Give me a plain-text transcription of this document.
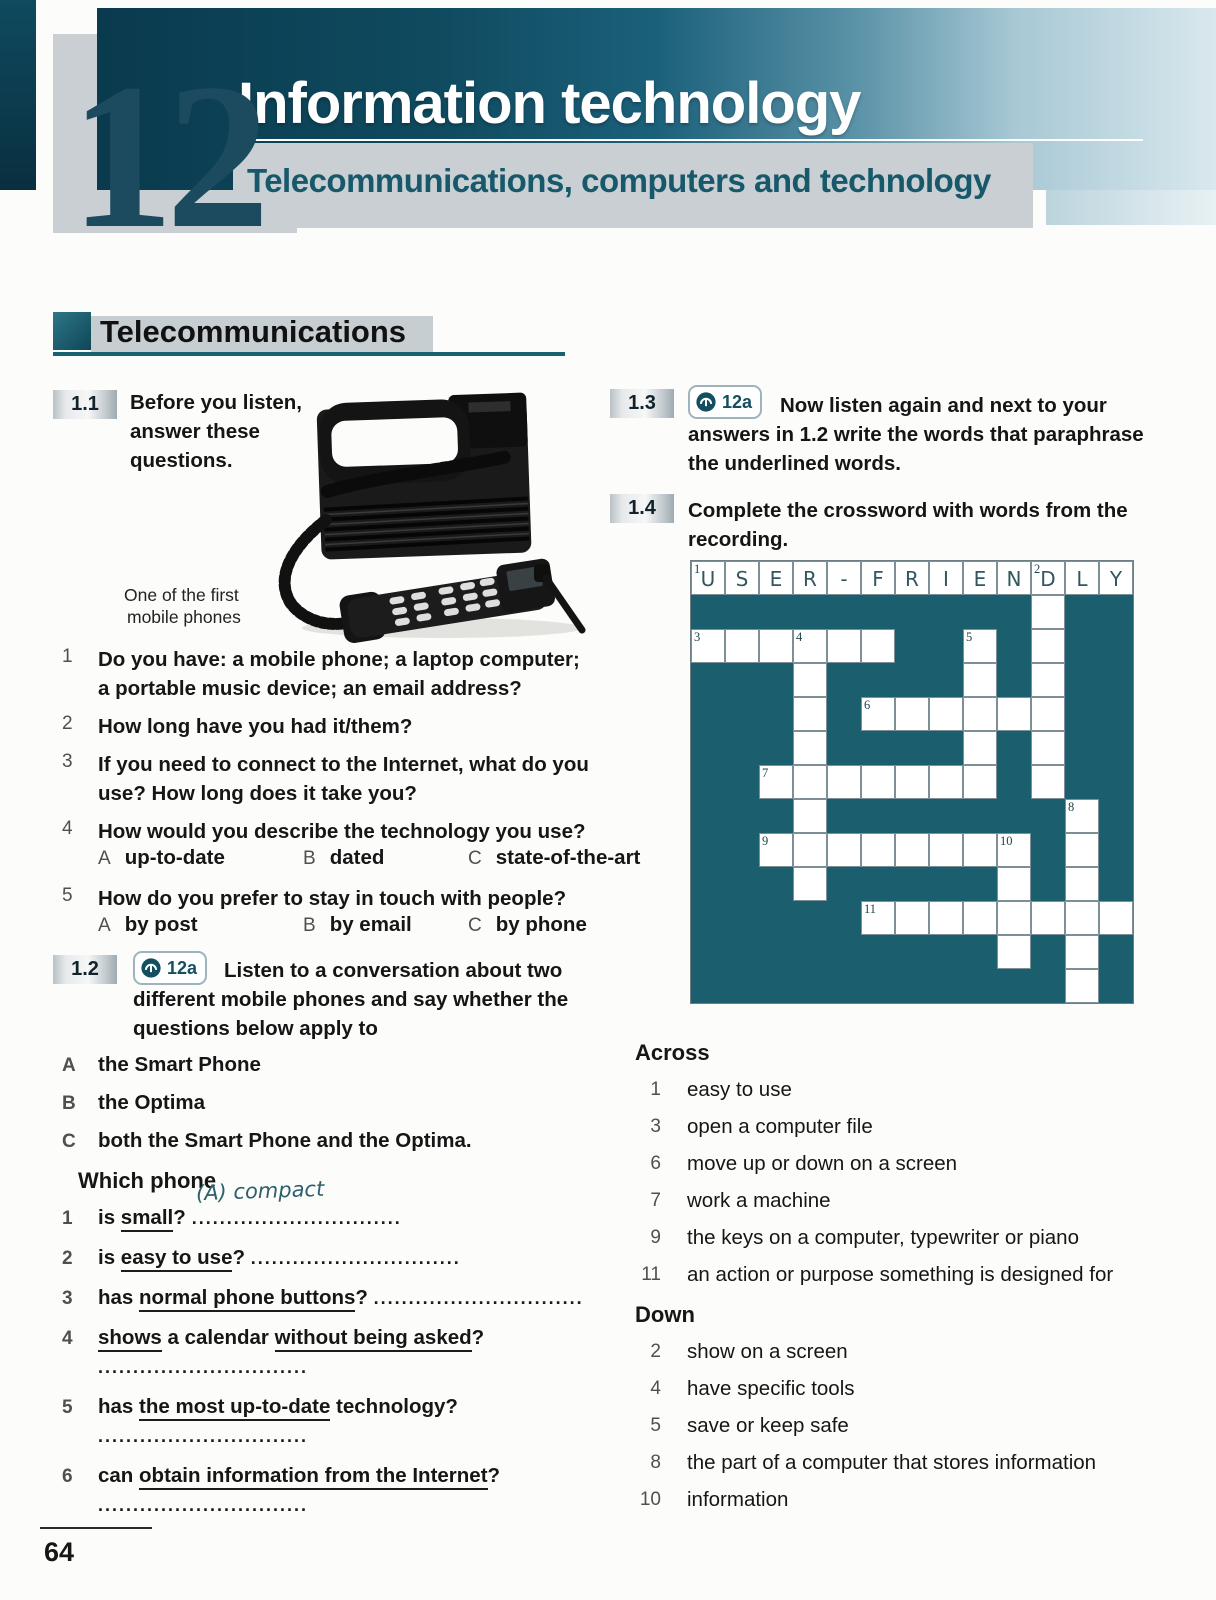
12
Information technology
Telecommunications, computers and technology
Telecommunications
1.1	Before you listen,
answer these
questions.
One of the first
mobile phones
1	Do you have: a mobile phone; a laptop computer;
a portable music device; an email address?
2	How long have you had it/them?
3	If you need to connect to the Internet, what do you
use? How long does it take you?
4	How would you describe the technology you use?
A up-to-date	B dated	C state-of-the-art
5	How do you prefer to stay in touch with people?
A by post	B by email	C by phone
1.2	12a Listen to a conversation about two
different mobile phones and say whether the
questions below apply to
A	the Smart Phone
B	the Optima
C	both the Smart Phone and the Optima.
Which phone
1	is small?
(A) compact
..............................
2	is easy to use? ..............................
3	has normal phone buttons? ..............................
4	shows a calendar without being asked?
..............................
5	has the most up-to-date technology?
..............................
6	can obtain information from the Internet?
..............................
64
1.3	12a Now listen again and next to your
answers in 1.2 write the words that paraphrase
the underlined words.
1.4	Complete the crossword with words from the
recording.
1 U	S	E	R	-	F	R	I	E	N	2 D	L	Y
3	4	5
6
7
8
9	10
11
Across
1 easy to use
3 open a computer file
6 move up or down on a screen
7 work a machine
9 the keys on a computer, typewriter or piano
11 an action or purpose something is designed for
Down
2 show on a screen
4 have specific tools
5 save or keep safe
8 the part of a computer that stores information
10 information
